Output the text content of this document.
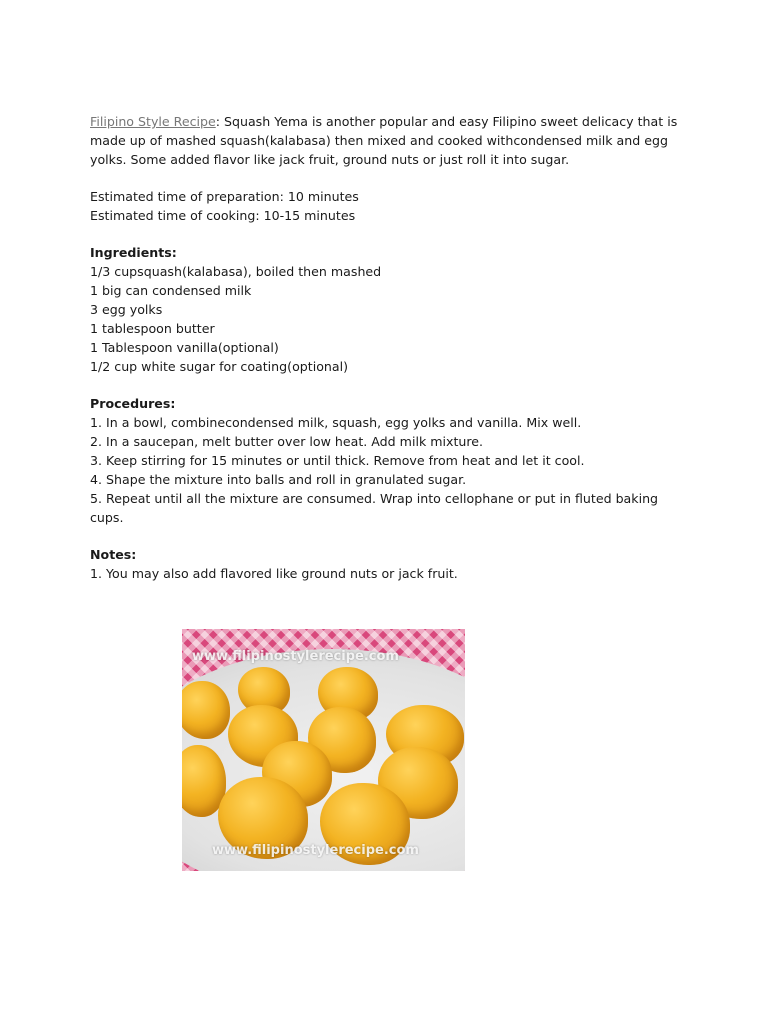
Filipino Style Recipe: Squash Yema is another popular and easy Filipino sweet delicacy that is
made up of mashed squash(kalabasa) then mixed and cooked withcondensed milk and egg
yolks. Some added flavor like jack fruit, ground nuts or just roll it into sugar.

Estimated time of preparation: 10 minutes
Estimated time of cooking: 10-15 minutes

Ingredients:
1/3 cupsquash(kalabasa), boiled then mashed
1 big can condensed milk
3 egg yolks
1 tablespoon butter
1 Tablespoon vanilla(optional)
1/2 cup white sugar for coating(optional)
Procedures:
1. In a bowl, combinecondensed milk, squash, egg yolks and vanilla. Mix well.
2. In a saucepan, melt butter over low heat. Add milk mixture.
3. Keep stirring for 15 minutes or until thick. Remove from heat and let it cool.
4. Shape the mixture into balls and roll in granulated sugar.
5. Repeat until all the mixture are consumed. Wrap into cellophane or put in fluted baking
cups.
Notes:
1. You may also add flavored like ground nuts or jack fruit.
www.filipinostylerecipe.com
www.filipinostylerecipe.com
